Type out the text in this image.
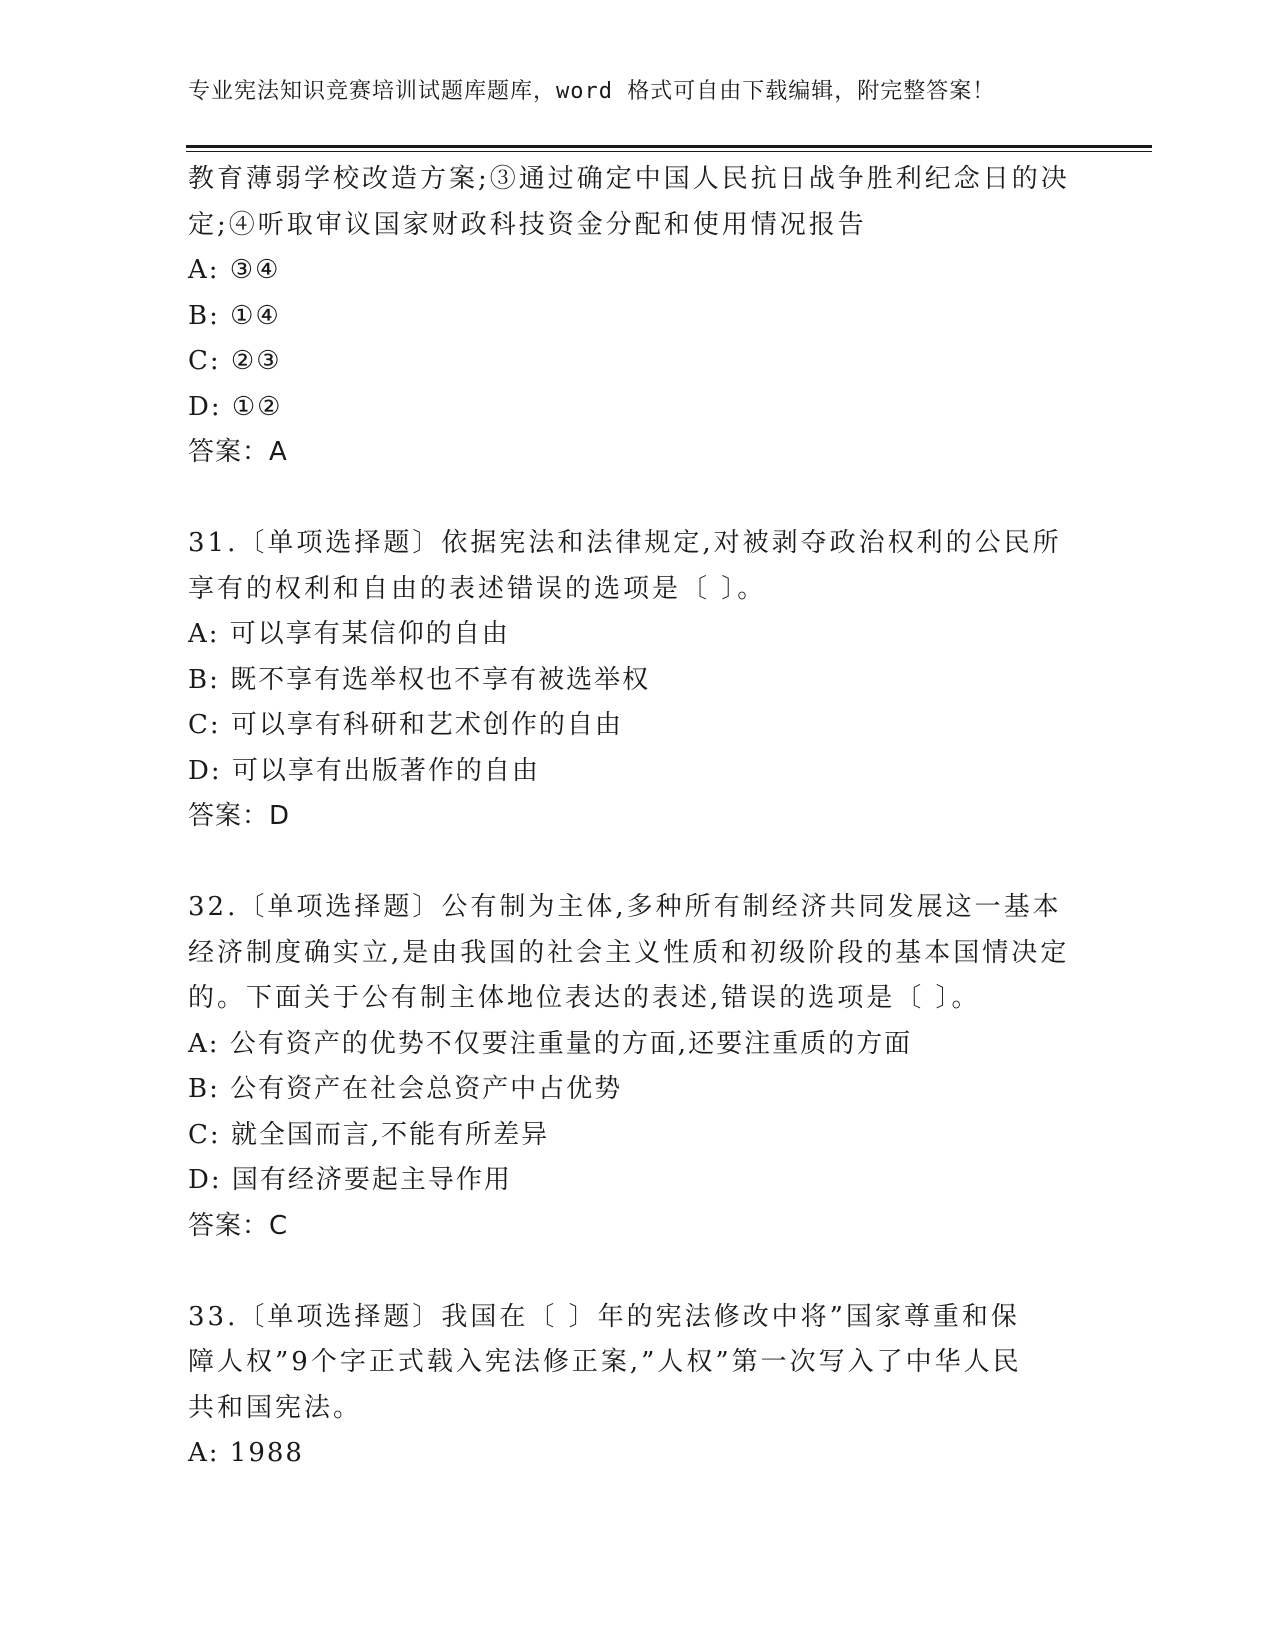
专业宪法知识竞赛培训试题库题库，word 格式可自由下载编辑，附完整答案！
教育薄弱学校改造方案;③通过确定中国人民抗日战争胜利纪念日的决
定;④听取审议国家财政科技资金分配和使用情况报告
A: ③④
B: ①④
C: ②③
D: ①②
答案：A
31.〔单项选择题〕依据宪法和法律规定,对被剥夺政治权利的公民所
享有的权利和自由的表述错误的选项是〔 〕。
A: 可以享有某信仰的自由
B: 既不享有选举权也不享有被选举权
C: 可以享有科研和艺术创作的自由
D: 可以享有出版著作的自由
答案：D
32.〔单项选择题〕公有制为主体,多种所有制经济共同发展这一基本
经济制度确实立,是由我国的社会主义性质和初级阶段的基本国情决定
的。下面关于公有制主体地位表达的表述,错误的选项是〔 〕。
A: 公有资产的优势不仅要注重量的方面,还要注重质的方面
B: 公有资产在社会总资产中占优势
C: 就全国而言,不能有所差异
D: 国有经济要起主导作用
答案：C
33.〔单项选择题〕我国在〔 〕年的宪法修改中将”国家尊重和保
障人权”9个字正式载入宪法修正案,”人权”第一次写入了中华人民
共和国宪法。
A: 1988
